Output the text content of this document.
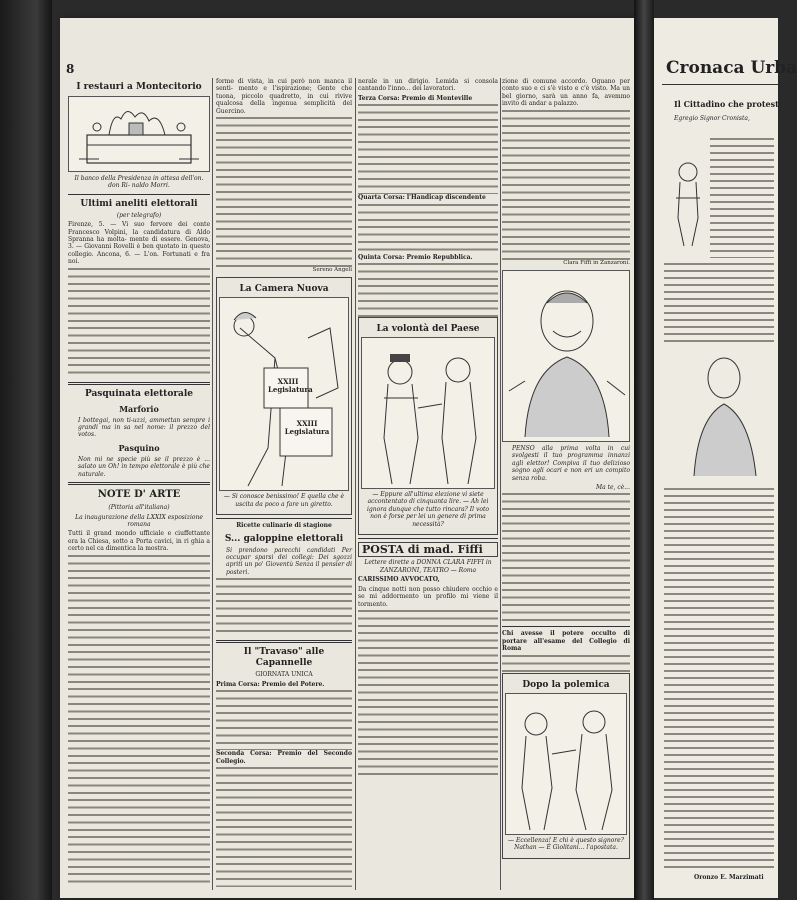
8
I restauri a Montecitorio
Il banco della Presidenza in attesa dell'on. don Ri- naldo Morri.
Ultimi aneliti elettorali
(per telegrafo)
Firenze, 5. — Vi suo fervore dei conte Francesco Volpini, la candidatura di Aldo Spranna ha molta- mente di essere. Genova, 3. — Giovanni Rovelli è ben quotato in questo collegio. Ancona, 6. — L'on. Fortunati e fra noi.
Pasquinata elettorale
Marforio
I bottegai, non ti-uzzi, ammettan sempre i grandi ma in sa nel nome: il prezzo del votos.
Pasquino
Non mi ne specie più se il prezzo è ... salato un Oh! in tempo elettorale è più che naturale.
NOTE D' ARTE
(Pittoria all'italiana)
La inaugurazione della LXXIX esposizione romana
Tutti il grand mondo ufficiale e ciuffettante era la Chiesa, sotto a Porta cavici, in ri ghia a certo nel ca dimentica la mostra.
forme di vista, in cui però non manca il senti- mento e l'ispirazione; Gente che tuona, piccolo quadretto, in cui rivive qualcosa della ingenua semplicità del Guercino.
Sereno Angeli
La Camera Nuova
XXIII Legislatura
XXIII Legislatura
— Si conosce benissimo! E quella che è uscita da poco a fare un giretto.
Ricette culinarie di stagione
S... galoppine elettorali
Si prendono parecchi candidati Per occupar sparsi dei collegi: Dei sgozzi apriti un po' Gioventù Senza il pensier di posteri.
Il "Travaso" alle Capannelle
GIORNATA UNICA
Prima Corsa: Premio del Potere.
Seconda Corsa: Premio del Secondo Collegio.
nerale in un dirigio. Lemida si consola cantando l'inno... dei lavoratori.
Terza Corsa: Premio di Monteville
Quarta Corsa: l'Handicap discendente
Quinta Corsa: Premio Repubblica.
La volontà del Paese
— Eppure all'ultima elezione vi siete accontentato di cinquanta lire. — Ah lei ignora dunque che tutto rincara? Il voto non è forse per lei un genere di prima necessità?
POSTA di mad. Fiffi
Lettere dirette a DONNA CLARA FIFFI in ZANZARONI, TEATRO — Roma
CARISSIMO AVVOCATO,
Da cinque notti non posso chiudere occhio e se mi addormento un profilo mi viene il tormento.
zione di comune accordo. Oguano per conto suo e ci s'è visto e c'è visto. Ma un bel giorno, sarà un anno fa, avemmo invito di andar a palazzo.
Clara Fiffi in Zanzaroni.
PENSO alla prima volta in cui svolgesti il tuo programma innanzi agli elettor! Compiva il tuo delizioso sogno agli ocari e non eri un compito senza roba.
Ma te, cè...
Chi avesse il potere occulto di portare all'esame del Collegio di Roma
Dopo la polemica
— Eccellenza! E chi è questo signore? Nathan — È Giolitani... l'apostata.
Cronaca Urba
Il Cittadino che protest
Egregio Signor Cronista,
Oronzo E. Marzimati
